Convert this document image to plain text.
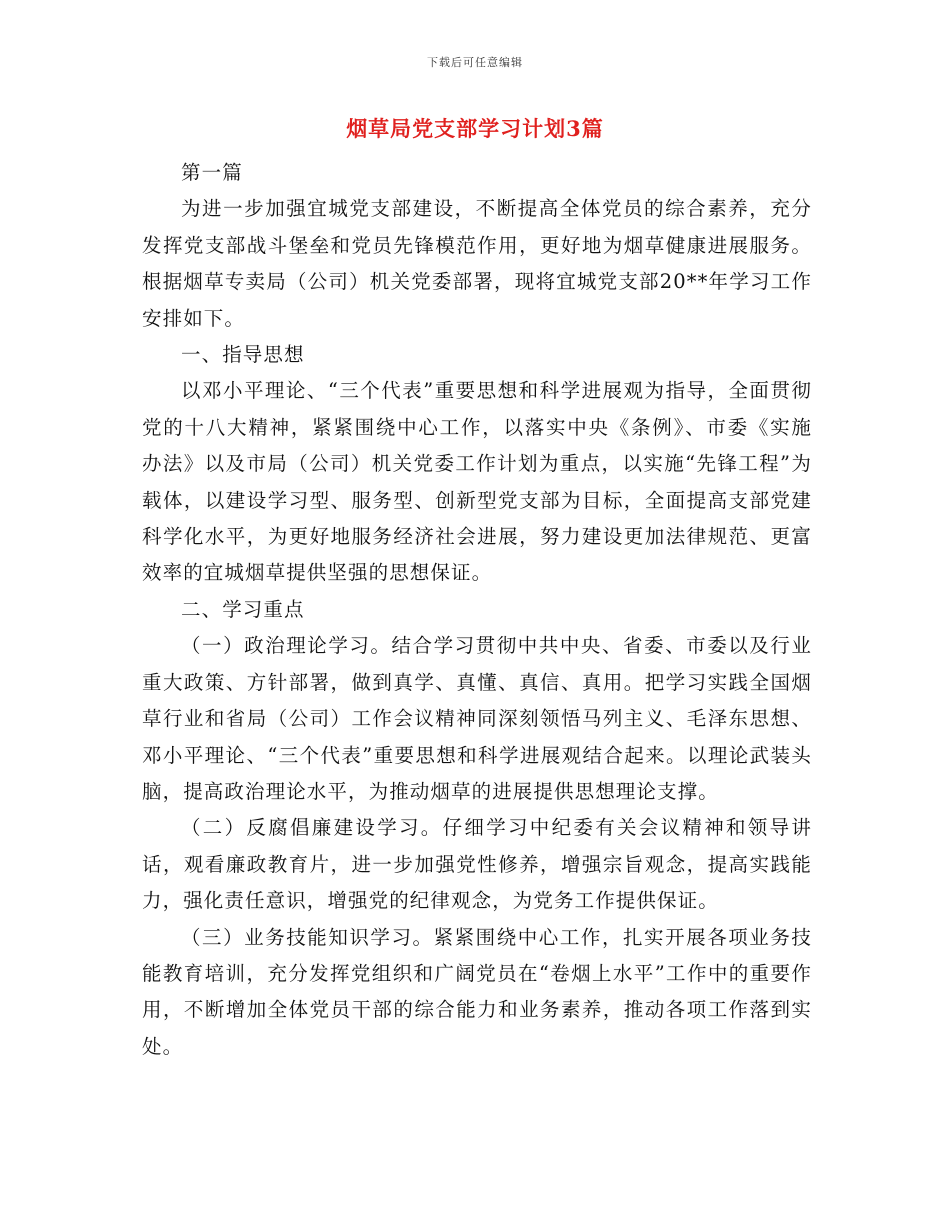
下载后可任意编辑
烟草局党支部学习计划3篇

第一篇

为进一步加强宜城党支部建设，不断提高全体党员的综合素养，充分发挥党支部战斗堡垒和党员先锋模范作用，更好地为烟草健康进展服务。根据烟草专卖局（公司）机关党委部署，现将宜城党支部20**年学习工作安排如下。

一、指导思想

以邓小平理论、“三个代表”重要思想和科学进展观为指导，全面贯彻党的十八大精神，紧紧围绕中心工作，以落实中央《条例》、市委《实施办法》以及市局（公司）机关党委工作计划为重点，以实施“先锋工程”为载体，以建设学习型、服务型、创新型党支部为目标，全面提高支部党建科学化水平，为更好地服务经济社会进展，努力建设更加法律规范、更富效率的宜城烟草提供坚强的思想保证。

二、学习重点

（一）政治理论学习。结合学习贯彻中共中央、省委、市委以及行业重大政策、方针部署，做到真学、真懂、真信、真用。把学习实践全国烟草行业和省局（公司）工作会议精神同深刻领悟马列主义、毛泽东思想、邓小平理论、“三个代表”重要思想和科学进展观结合起来。以理论武装头脑，提高政治理论水平，为推动烟草的进展提供思想理论支撑。

（二）反腐倡廉建设学习。仔细学习中纪委有关会议精神和领导讲话，观看廉政教育片，进一步加强党性修养，增强宗旨观念，提高实践能力，强化责任意识，增强党的纪律观念，为党务工作提供保证。

（三）业务技能知识学习。紧紧围绕中心工作，扎实开展各项业务技能教育培训，充分发挥党组织和广阔党员在“卷烟上水平”工作中的重要作用，不断增加全体党员干部的综合能力和业务素养，推动各项工作落到实处。
